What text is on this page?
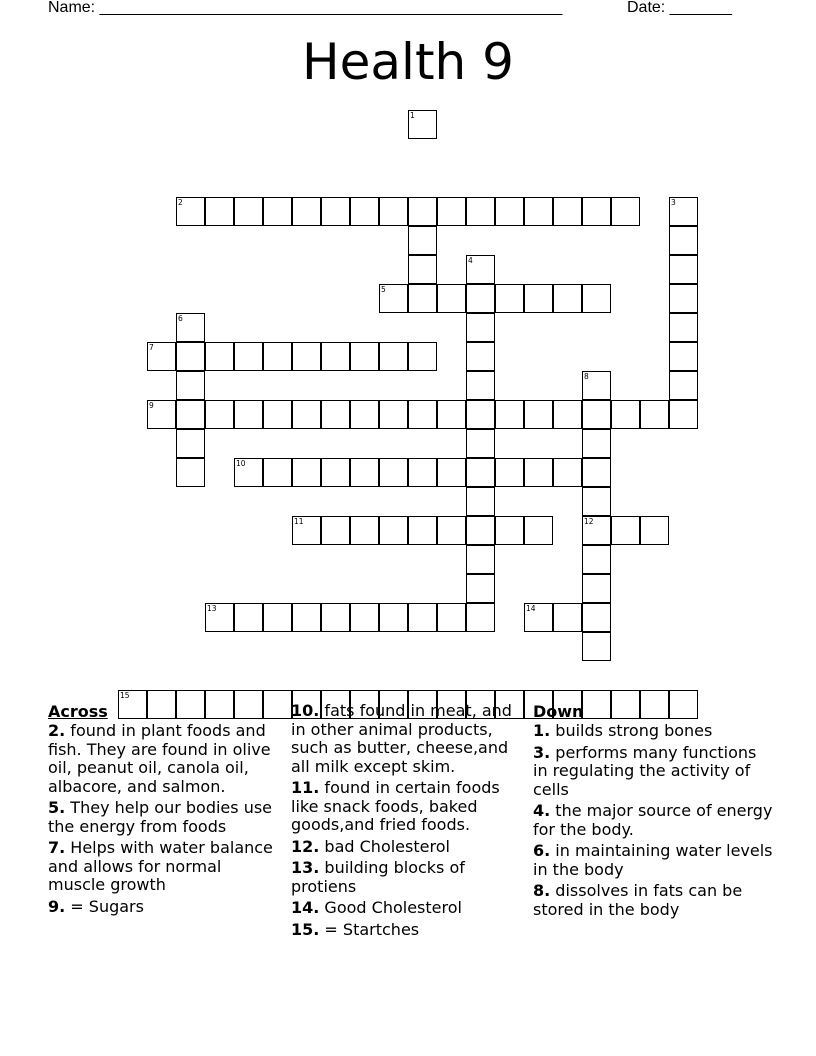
Name: ____________________________________________________	Date: _______
Health 9
1
2	3
4
5
6
7
8
9
10
11	12
13	14
15
Across
2. found in plant foods and fish. They are found in olive oil, peanut oil, canola oil, albacore, and salmon.
5. They help our bodies use the energy from foods
7. Helps with water balance and allows for normal muscle growth
9. = Sugars
10. fats found in meat, and in other animal products, such as butter, cheese,and all milk except skim.
11. found in certain foods like snack foods, baked goods,and fried foods.
12. bad Cholesterol
13. building blocks of protiens
14. Good Cholesterol
15. = Startches
Down
1. builds strong bones
3. performs many functions in regulating the activity of cells
4. the major source of energy for the body.
6. in maintaining water levels in the body
8. dissolves in fats can be stored in the body
